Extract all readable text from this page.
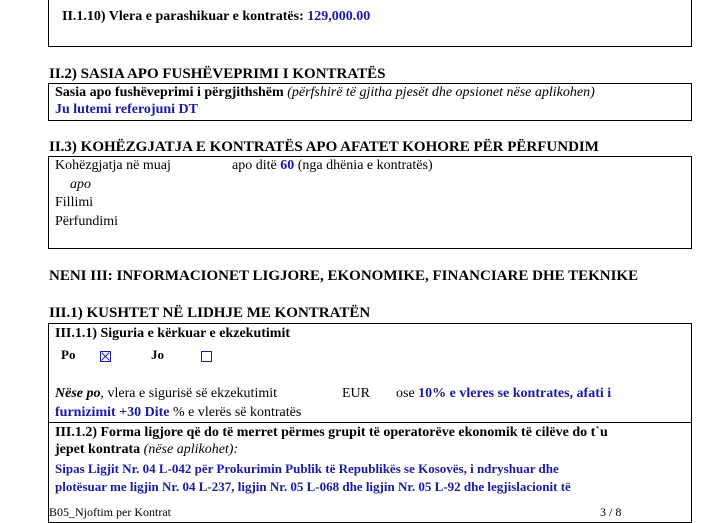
II.1.10) Vlera e parashikuar e kontratës: 129,000.00
II.2) SASIA APO FUSHËVEPRIMI I KONTRATËS
Sasia apo fushëveprimi i përgjithshëm (përfshirë të gjitha pjesët dhe opsionet nëse aplikohen)
Ju lutemi referojuni DT
II.3) KOHËZGJATJA E KONTRATËS APO AFATET KOHORE PËR PËRFUNDIM
Kohëzgjatja në muaj	apo ditë 60 (nga dhënia e kontratës)
apo
Fillimi
Përfundimi
NENI III: INFORMACIONET LIGJORE, EKONOMIKE, FINANCIARE DHE TEKNIKE
III.1) KUSHTET NË LIDHJE ME KONTRATËN
III.1.1) Siguria e kërkuar e ekzekutimit
Po
	Jo
Nëse po, vlera e sigurisë së ekzekutimit	EUR ose 10% e vleres se kontrates, afati i
furnizimit +30 Dite % e vlerës së kontratës
III.1.2) Forma ligjore që do të merret përmes grupit të operatorëve ekonomik të cilëve do t`u
jepet kontrata (nëse aplikohet):
Sipas Ligjit Nr. 04 L-042 për Prokurimin Publik të Republikës se Kosovës, i ndryshuar dhe
plotësuar me ligjin Nr. 04 L-237, ligjin Nr. 05 L-068 dhe ligjin Nr. 05 L-92 dhe legjislacionit të
B05_Njoftim per Kontrat	3 / 8
